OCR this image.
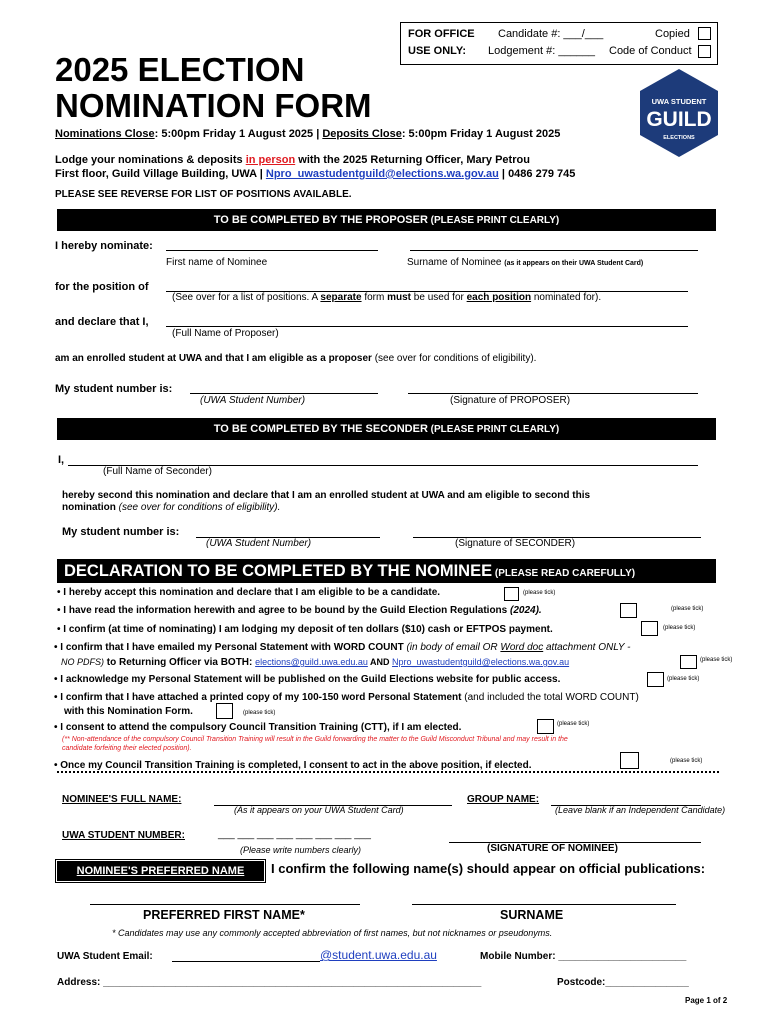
FOR OFFICE
USE ONLY:
Candidate #: ___/___
Lodgement #: ______
Copied
Code of Conduct
2025 ELECTION
NOMINATION FORM	UWA STUDENT
GUILD
ELECTIONS
Nominations Close: 5:00pm Friday 1 August 2025 | Deposits Close: 5:00pm Friday 1 August 2025
Lodge your nominations & deposits in person with the 2025 Returning Officer, Mary Petrou
First floor, Guild Village Building, UWA | Npro_uwastudentguild@elections.wa.gov.au | 0486 279 745
PLEASE SEE REVERSE FOR LIST OF POSITIONS AVAILABLE.
TO BE COMPLETED BY THE PROPOSER (PLEASE PRINT CLEARLY)
I hereby nominate:
First name of Nominee	Surname of Nominee (as it appears on their UWA Student Card)
for the position of
(See over for a list of positions. A separate form must be used for each position nominated for).
and declare that I,
(Full Name of Proposer)
am an enrolled student at UWA and that I am eligible as a proposer (see over for conditions of eligibility).
My student number is:
(UWA Student Number)	(Signature of PROPOSER)
TO BE COMPLETED BY THE SECONDER (PLEASE PRINT CLEARLY)
I,
(Full Name of Seconder)
hereby second this nomination and declare that I am an enrolled student at UWA and am eligible to second this
nomination (see over for conditions of eligibility).
My student number is:
(UWA Student Number)	(Signature of SECONDER)
DECLARATION TO BE COMPLETED BY THE NOMINEE (PLEASE READ CAREFULLY)
• I hereby accept this nomination and declare that I am eligible to be a candidate.	(please tick)
• I have read the information herewith and agree to be bound by the Guild Election Regulations (2024).	(please tick)
• I confirm (at time of nominating) I am lodging my deposit of ten dollars ($10) cash or EFTPOS payment.	(please tick)
• I confirm that I have emailed my Personal Statement with WORD COUNT (in body of email OR Word doc attachment ONLY -
NO PDFS) to Returning Officer via BOTH: elections@guild.uwa.edu.au AND Npro_uwastudentguild@elections.wa.gov.au	(please tick)
• I acknowledge my Personal Statement will be published on the Guild Elections website for public access.	(please tick)
• I confirm that I have attached a printed copy of my 100-150 word Personal Statement (and included the total WORD COUNT)
with this Nomination Form.	(please tick)
• I consent to attend the compulsory Council Transition Training (CTT), if I am elected.	(please tick)
(** Non-attendance of the compulsory Council Transition Training will result in the Guild forwarding the matter to the Guild Misconduct Tribunal and may result in the
candidate forfeiting their elected position).
• Once my Council Transition Training is completed, I consent to act in the above position, if elected.	(please tick)
NOMINEE'S FULL NAME:
(As it appears on your UWA Student Card)
GROUP NAME:
(Leave blank if an Independent Candidate)
UWA STUDENT NUMBER:	___ ___ ___ ___ ___ ___ ___ ___
(Please write numbers clearly)	(SIGNATURE OF NOMINEE)
NOMINEE'S PREFERRED NAME	I confirm the following name(s) should appear on official publications:
PREFERRED FIRST NAME*	SURNAME
* Candidates may use any commonly accepted abbreviation of first names, but not nicknames or pseudonyms.
UWA Student Email:	@student.uwa.edu.au	Mobile Number: _______________________
Address: ____________________________________________________________________	Postcode:_______________
Page 1 of 2
